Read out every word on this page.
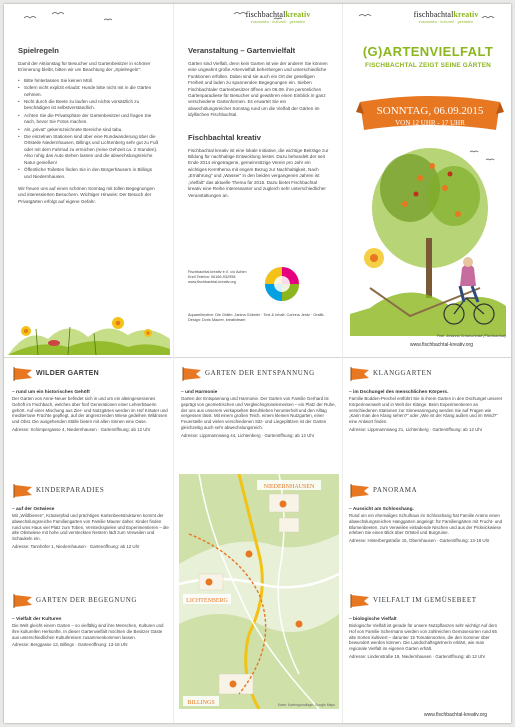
Spielregeln

Damit der Aktionstag für Besucher und Gartenbesitzer in schöner Erinnerung bleibt, bitten wir um Beachtung der „Spielregeln“:

• Bitte hinterlassen Sie keinen Müll.
• Sofern nicht explizit erlaubt: Hunde bitte nicht mit in die Gärten nehmen.
• Nicht durch die Beete zu laufen und nichts vorsätzlich zu beschädigen ist selbstverständlich.
• Achten Sie die Privatsphäre der Gartenbesitzer und fragen Sie nach, bevor Sie Fotos machen.
• Als „privat“ gekennzeichnete Bereiche sind tabu.
• Die einzelnen Stationen sind über eine Rundwanderung über die Ortsteile Niedernhausen, Billings und Lichtenberg sehr gut zu Fuß oder mit dem Fahrrad zu erreichen (reine Gehzeit ca. 2 Stunden). Also ruhig das Auto stehen lassen und die abwechslungsreiche Natur genießen!
• Öffentliche Toiletten finden Sie in den Bürgerhäusern in Billings und Niedernhausen.

Wir freuen uns auf einen schönen Sonntag mit tollen Begegnungen und interessierten Besuchern. Wichtiger Hinweis: Der Besuch der Privatgärten erfolgt auf eigene Gefahr.

fischbachtalkreativ
zusammen · kulturell · gestalten
Veranstaltung – Gartenvielfalt

Gärten sind Vielfalt, denn kein Garten ist wie der andere! Sie können eine ungeahnt große Artenvielfalt beherbergen und unterschiedliche Funktionen erfüllen. Dabei sind sie auch ein Ort der geselligen Freiheit und laden zu spannenden Begegnungen ein. Sieben Fischbachtaler Gartenbesitzer öffnen am 06.09. ihre persönlichen Gartenparadiese für Besucher und gewähren einen Einblick in ganz verschiedene Gartenformen. Es erwartet Sie ein abwechslungsreicher Sonntag rund um die Vielfalt der Gärten im idyllischen Fischbachtal.

Fischbachtal kreativ

Fischbachtal kreativ ist eine lokale Initiative, die wichtige Beiträge zur Bildung für nachhaltige Entwicklung leistet. Dazu behandelt der seit Ende 2014 eingetragene, gemeinnützige Verein pro Jahr ein wichtiges Kernthema mit engem Bezug zur Nachhaltigkeit. Nach „Ernährung“ und „Wasser“ in den beiden vergangenen Jahren ist „Vielfalt“ das aktuelle Thema für 2015. Dazu bietet Fischbachtal kreativ eine Reihe interessanter und zugleich sehr unterschiedlicher Veranstaltungen an.

Fischbachtal kreativ e.V. c/o Achim Kreil Telefon: 06166-932958 www.fischbachtal-kreativ.org
Aquarellmotive: Die Gräfin: Janina Göbeler · Text & Inhalt: Corinna Jentz · Grafik-Design: Doris Maurer, kreativteam
fischbachtalkreativ
zusammen · kulturell · gestalten
(G)ARTENVIELFALT
FISCHBACHTAL ZEIGT SEINE GÄRTEN
SONNTAG, 06.09.2015
VON 12 UHR - 17 UHR
Foto: Johanna Scharschmidt (Fischbachtal)
www.fischbachtal-kreativ.org
WILDER GARTEN
– rund um ein historisches Gehöft
Der Garten von Anne-Neuer befindet sich in und um ein alteingesessenes Gehöft im Fischbach, welches über fünf Generationen einer Lehrerbäuerin gehört. Auf einer Mischung aus Zier- und Nutzgärten werden im Hof Kräuter und mediterrane Früchte gepflegt, auf der angrenzenden Wiese gedeihen Wildrosen und Obst. Die ausgehenden Ställe bieten mit allen Sinnen eine Oase.
Adresse: Schimpergasse 4, Niedernhausen · Gartenöffnung: ab 12 Uhr
GARTEN DER ENTSPANNUNG
– und Harmonie
Garten der Entspannung und Harmonie. Der Garten von Familie Gerhard ist geprägt von geometrischen und Vergleichsgrünelementen – ein Platz der Ruhe, der uns aus unserem verkapselten Berufsleben herunterholt und den Alltag vergessen lässt. Mit einem großen Teich, einem kleinen Nutzgarten, einer Feuerstelle und vielen verschiedenen Sitz- und Liegeplätzen ist der Garten gleichzeitig auch sehr abwechslungsreich.
Adresse: Lippmannsweg 44, Lichtenberg · Gartenöffnung: ab 12 Uhr
KLANGGARTEN
– im Dschungel des menschlichen Körpers.
Familie Bodden-Prechel entführt Sie in ihrem Garten in den Dschungel unserer Körperinnenwelt und in Welt der Klänge. Beim Experimentieren an verschiedenen Stationen zur Sinnesanregung werden Sie auf Fragen wie „Kann man den Klang sehen?“ oder „Wie ist der Klang außen und im Wind?“ eine Antwort finden.
Adresse: Lippmannsweg 21, Lichtenberg · Gartenöffnung: ab 12 Uhr
KINDERPARADIES
– auf der Ostwiese
Mit „Wildbienen“, Kräuterpfad und prächtigen Kartenbeetstrukturen kommt der abwechslungsreiche Familiengarten von Familie Maurer daher. Kinder finden rund ums Haus viel Platz zum Toben, Versteckspielen und Experimentieren – die alte Obstwiese mit hohe und versteckten Nestern lädt zum Verweilen und Schaukeln ein.
Adresse: Tannhöfer 1, Niedernhausen · Gartenöffnung: ab 12 Uhr
PANORAMA
– Aussicht am Schlosshang.
Rund um ein ehemaliges Schulhaus im Schlosshang hat Familie Arams einen abwechslungsreichen Hanggarten angelegt: für Familiengärten mit Frucht- und Blumenbeeten, zum Verweilen einladende Nischen und aus der Picknickwiese erleben Sie einen Blick über Ortsteil und Burgruine.
Adresse: Hinterbergstraße 15, Obernhausen · Gartenöffnung: 13-18 Uhr
GARTEN DER BEGEGNUNG
– Vielfalt der Kulturen
Die Welt gleicht einem Garten – so vielfältig sind ihre Menschen, Kulturen und ihre kulturellen Herkünfte. In dieser Gartenvielfalt möchten die Besitzer Gäste aus unterschiedlichen Kulturkreisen zusammenkommen lassen.
Adresse: Berggasse 13, Billings · Gartenöffnung: 13-18 Uhr
VIELFALT IM GEMÜSEBEET
– biologische Vielfalt
Biologische Vielfalt ist gerade für unsere Nutzpflanzen sehr wichtig! Auf dem Hof von Familie Schermann werden von zahlreichen Gemüsesorten rund 65 alte Sorten kultiviert – darunter 15 Tomatensorten, die den Sommer über bewundert werden können. Die Landschaftsgärtnerin erklärt, wie man regionale Vielfalt im eigenen Garten erhält.
Adresse: Lindenstraße 19, Niedernhausen · Gartenöffnung: ab 12 Uhr
NIEDERNHAUSEN
LICHTENBERG
BILLINGS	Karte: Kartengrundlage: Google Maps
www.fischbachtal-kreativ.org
